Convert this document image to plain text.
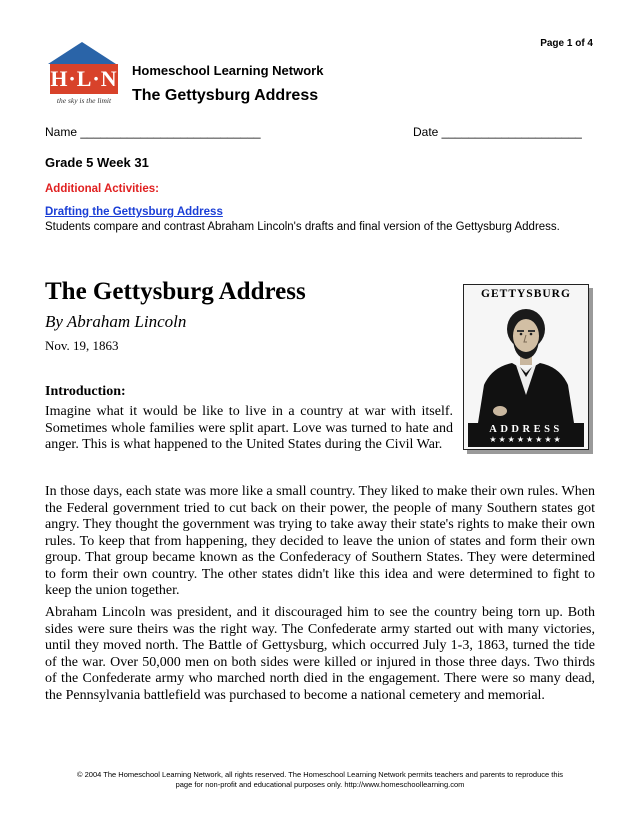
Page 1 of 4
H·L·N
the sky is the limit
Homeschool Learning Network
The Gettysburg Address
Name ___________________________	Date _____________________
Grade 5 Week 31
Additional Activities:
Drafting the Gettysburg Address
Students compare and contrast Abraham Lincoln's drafts and final version of the Gettysburg Address.
The Gettysburg Address
By Abraham Lincoln
Nov. 19, 1863
Introduction:

Imagine what it would be like to live in a country at war with itself. Sometimes whole families were split apart. Love was turned to hate and anger. This is what happened to the United States during the Civil War.

In those days, each state was more like a small country. They liked to make their own rules. When the Federal government tried to cut back on their power, the people of many Southern states got angry. They thought the government was trying to take away their state's rights to make their own rules. To keep that from happening, they decided to leave the union of states and form their own group. That group became known as the Confederacy of Southern States. They were determined to form their own country. The other states didn't like this idea and were determined to fight to keep the union together.

Abraham Lincoln was president, and it discouraged him to see the country being torn up. Both sides were sure theirs was the right way. The Confederate army started out with many victories, until they moved north. The Battle of Gettysburg, which occurred July 1-3, 1863, turned the tide of the war. Over 50,000 men on both sides were killed or injured in those three days. Two thirds of the Confederate army who marched north died in the engagement. There were so many dead, the Pennsylvania battlefield was purchased to become a national cemetery and memorial.

GETTYSBURG
ADDRESS
★★★★★★★★
© 2004 The Homeschool Learning Network, all rights reserved. The Homeschool Learning Network permits teachers and parents to reproduce this
page for non-profit and educational purposes only. http://www.homeschoollearning.com
